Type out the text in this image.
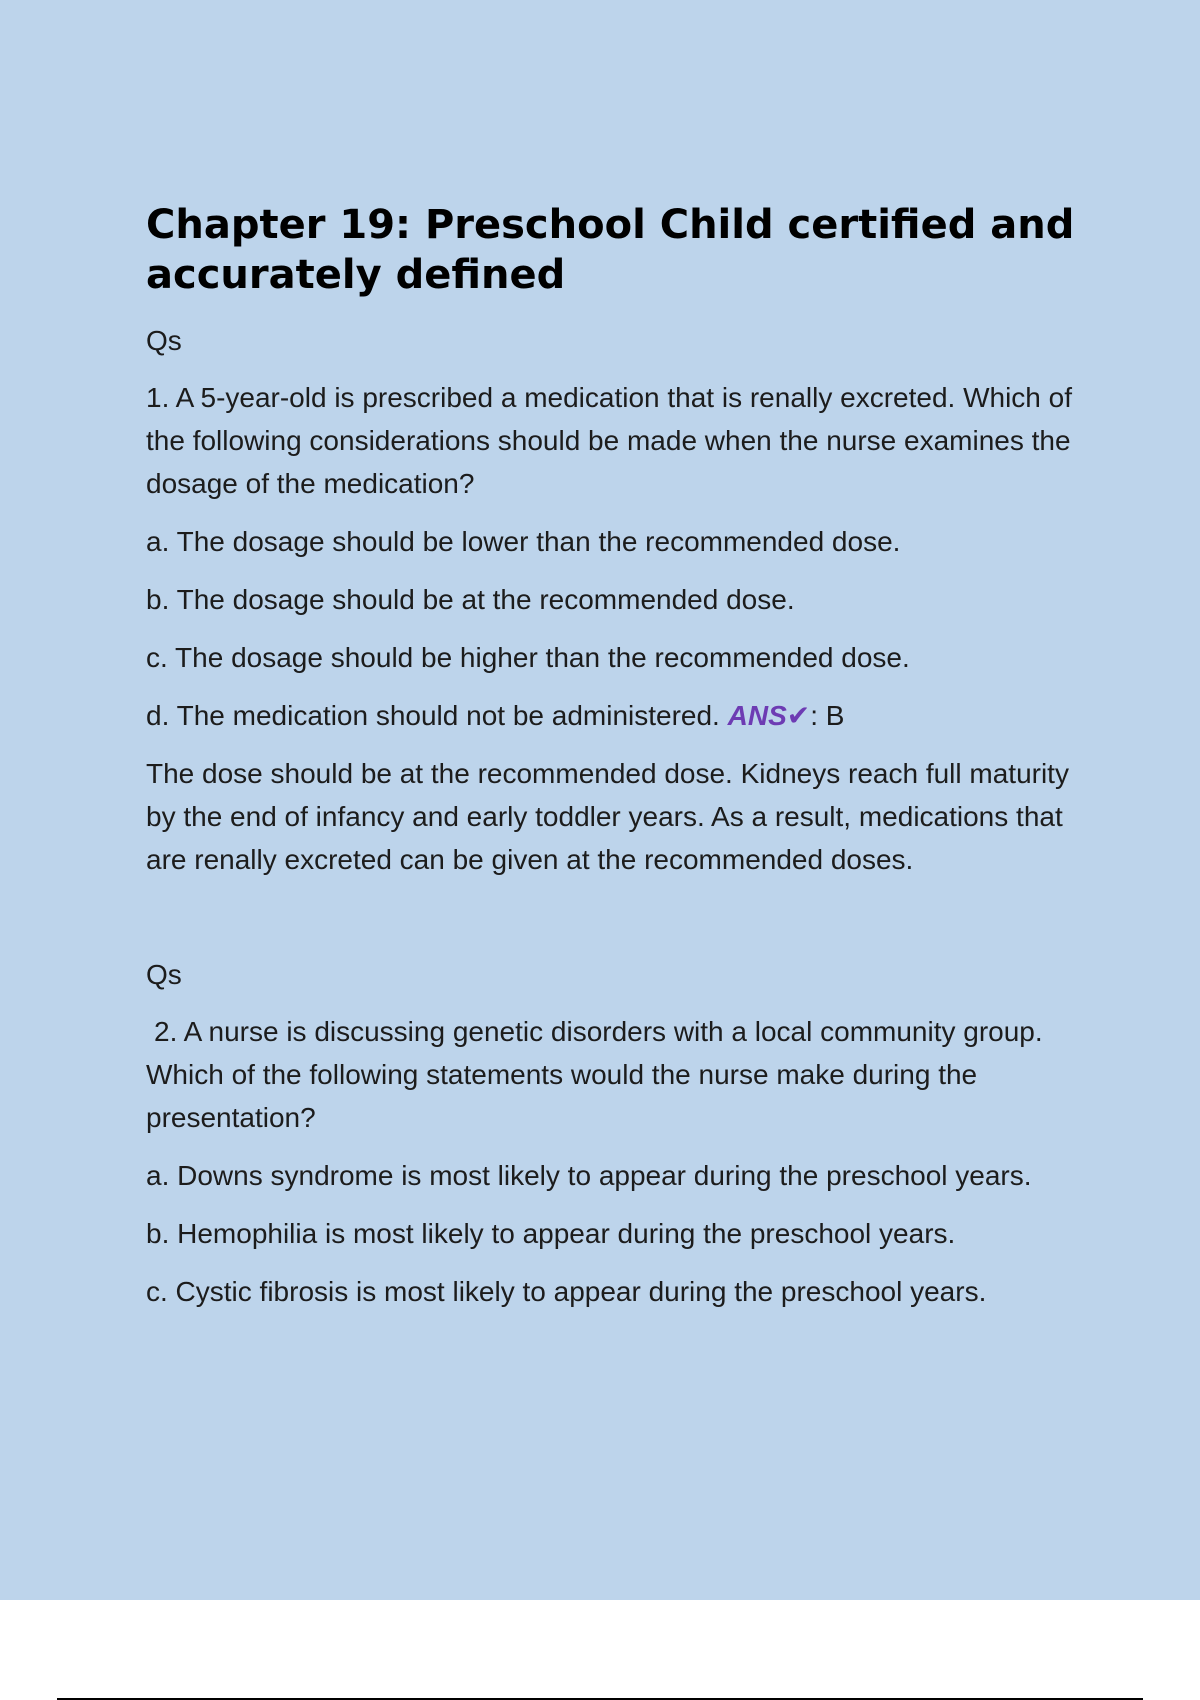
Chapter 19: Preschool Child certified and accurately defined

Qs

1. A 5-year-old is prescribed a medication that is renally excreted. Which of the following considerations should be made when the nurse examines the dosage of the medication?

a. The dosage should be lower than the recommended dose.

b. The dosage should be at the recommended dose.

c. The dosage should be higher than the recommended dose.

d. The medication should not be administered. ANS✔: B

The dose should be at the recommended dose. Kidneys reach full maturity by the end of infancy and early toddler years. As a result, medications that are renally excreted can be given at the recommended doses.

Qs

2. A nurse is discussing genetic disorders with a local community group. Which of the following statements would the nurse make during the presentation?

a. Downs syndrome is most likely to appear during the preschool years.

b. Hemophilia is most likely to appear during the preschool years.

c. Cystic fibrosis is most likely to appear during the preschool years.
